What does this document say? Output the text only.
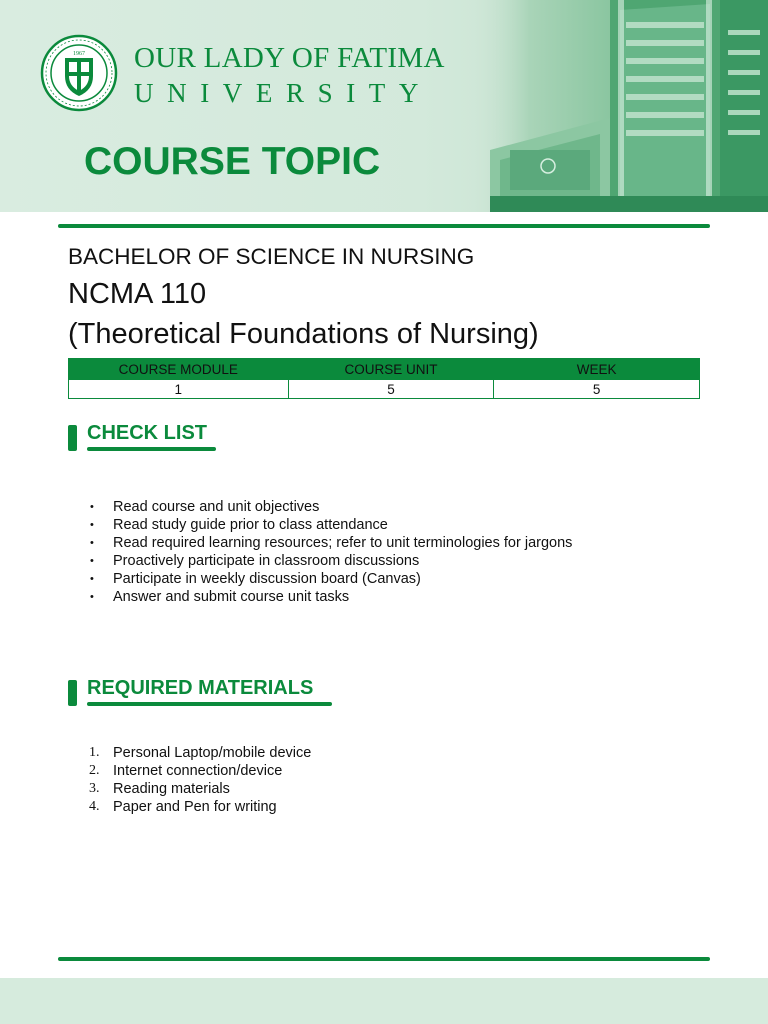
1967 OUR LADY OF FATIMA
UNIVERSITY
COURSE TOPIC
BACHELOR OF SCIENCE IN NURSING
NCMA 110
(Theoretical Foundations of Nursing)
COURSE MODULE	COURSE UNIT	WEEK
1	5	5
CHECK LIST
• Read course and unit objectives
• Read study guide prior to class attendance
• Read required learning resources; refer to unit terminologies for jargons
• Proactively participate in classroom discussions
• Participate in weekly discussion board (Canvas)
• Answer and submit course unit tasks
REQUIRED MATERIALS
1. Personal Laptop/mobile device
2. Internet connection/device
3. Reading materials
4. Paper and Pen for writing
